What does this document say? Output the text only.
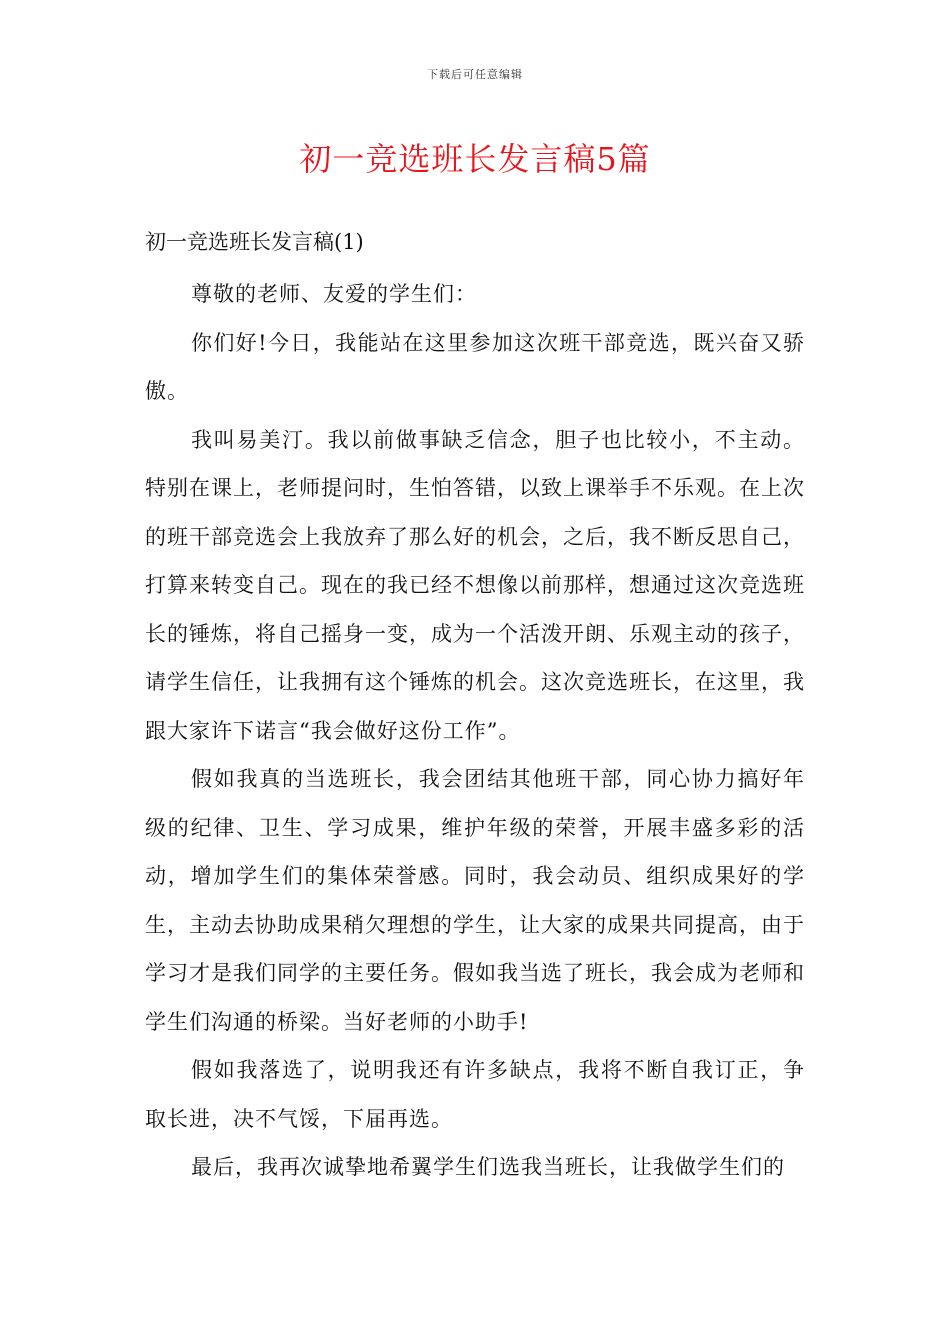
下载后可任意编辑
初一竞选班长发言稿5篇
初一竞选班长发言稿(1)

尊敬的老师、友爱的学生们：

你们好!今日，我能站在这里参加这次班干部竞选，既兴奋又骄傲。

我叫易美汀。我以前做事缺乏信念，胆子也比较小，不主动。特别在课上，老师提问时，生怕答错，以致上课举手不乐观。在上次的班干部竞选会上我放弃了那么好的机会，之后，我不断反思自己，打算来转变自己。现在的我已经不想像以前那样，想通过这次竞选班长的锤炼，将自己摇身一变，成为一个活泼开朗、乐观主动的孩子，请学生信任，让我拥有这个锤炼的机会。这次竞选班长，在这里，我跟大家许下诺言“我会做好这份工作”。

假如我真的当选班长，我会团结其他班干部，同心协力搞好年级的纪律、卫生、学习成果，维护年级的荣誉，开展丰盛多彩的活动，增加学生们的集体荣誉感。同时，我会动员、组织成果好的学生，主动去协助成果稍欠理想的学生，让大家的成果共同提高，由于学习才是我们同学的主要任务。假如我当选了班长，我会成为老师和学生们沟通的桥梁。当好老师的小助手!

假如我落选了，说明我还有许多缺点，我将不断自我订正，争取长进，决不气馁，下届再选。

最后，我再次诚挚地希翼学生们选我当班长，让我做学生们的
